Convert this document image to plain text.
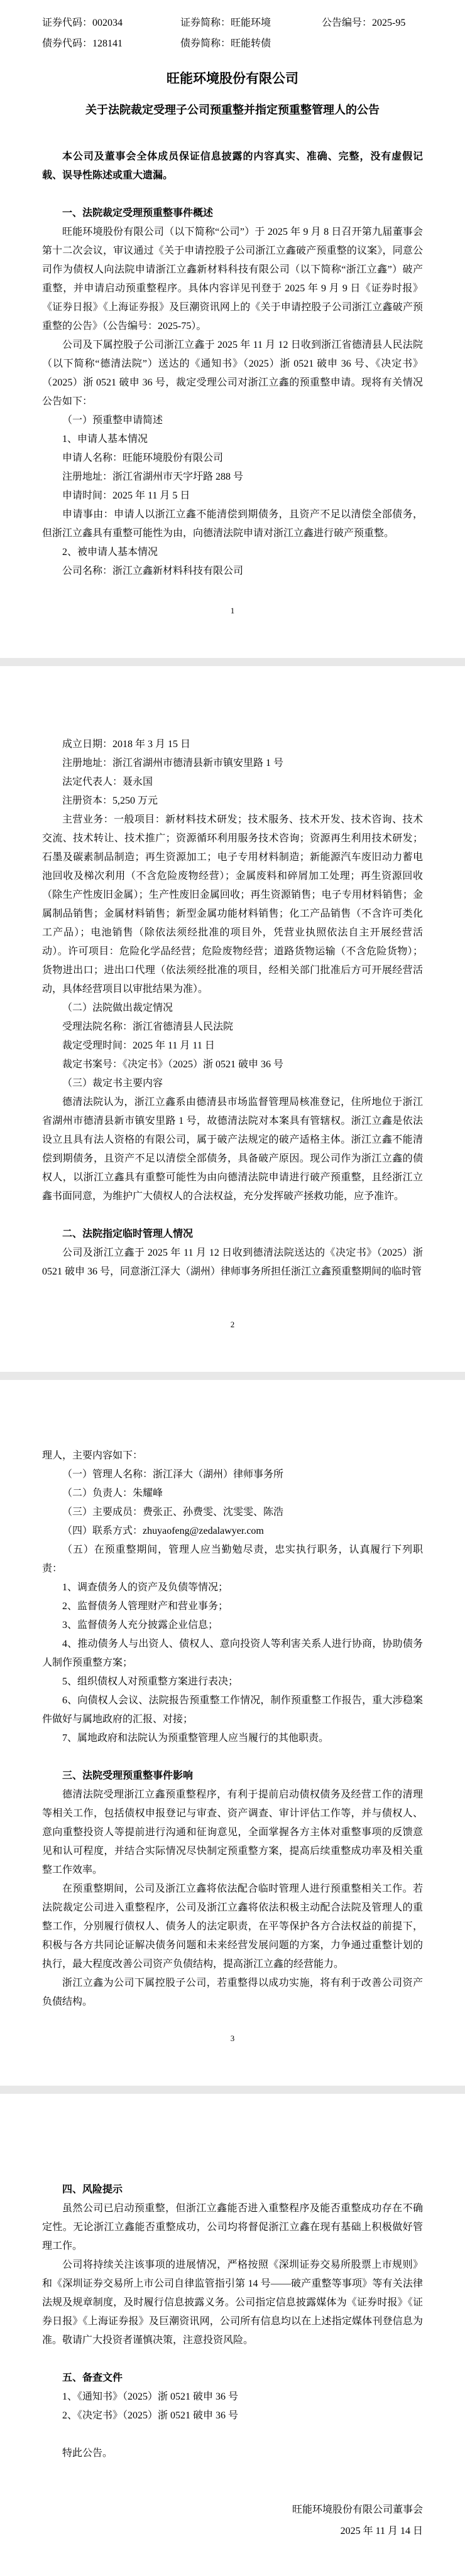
证券代码：002034	证券简称：旺能环境	公告编号：2025-95
债券代码：128141	债券简称：旺能转债
旺能环境股份有限公司
关于法院裁定受理子公司预重整并指定预重整管理人的公告

本公司及董事会全体成员保证信息披露的内容真实、准确、完整，没有虚假记载、误导性陈述或重大遗漏。

一、法院裁定受理预重整事件概述

旺能环境股份有限公司（以下简称“公司”）于 2025 年 9 月 8 日召开第九届董事会第十二次会议，审议通过《关于申请控股子公司浙江立鑫破产预重整的议案》，同意公司作为债权人向法院申请浙江立鑫新材料科技有限公司（以下简称“浙江立鑫”）破产重整，并申请启动预重整程序。具体内容详见刊登于 2025 年 9 月 9 日《证券时报》《证券日报》《上海证券报》及巨潮资讯网上的《关于申请控股子公司浙江立鑫破产预重整的公告》（公告编号：2025-75）。

公司及下属控股子公司浙江立鑫于 2025 年 11 月 12 日收到浙江省德清县人民法院（以下简称“德清法院”）送达的《通知书》（2025）浙 0521 破申 36 号、《决定书》（2025）浙 0521 破申 36 号，裁定受理公司对浙江立鑫的预重整申请。现将有关情况公告如下：

（一）预重整申请简述

1、申请人基本情况

申请人名称：旺能环境股份有限公司

注册地址：浙江省湖州市天字圩路 288 号

申请时间：2025 年 11 月 5 日

申请事由：申请人以浙江立鑫不能清偿到期债务，且资产不足以清偿全部债务，但浙江立鑫具有重整可能性为由，向德清法院申请对浙江立鑫进行破产预重整。

2、被申请人基本情况

公司名称：浙江立鑫新材料科技有限公司

1

成立日期：2018 年 3 月 15 日

注册地址：浙江省湖州市德清县新市镇安里路 1 号

法定代表人：聂永国

注册资本：5,250 万元

主营业务：一般项目：新材料技术研发；技术服务、技术开发、技术咨询、技术交流、技术转让、技术推广；资源循环利用服务技术咨询；资源再生利用技术研发；石墨及碳素制品制造；再生资源加工；电子专用材料制造；新能源汽车废旧动力蓄电池回收及梯次利用（不含危险废物经营）；金属废料和碎屑加工处理；再生资源回收（除生产性废旧金属）；生产性废旧金属回收；再生资源销售；电子专用材料销售；金属制品销售；金属材料销售；新型金属功能材料销售；化工产品销售（不含许可类化工产品）；电池销售（除依法须经批准的项目外，凭营业执照依法自主开展经营活动）。许可项目：危险化学品经营；危险废物经营；道路货物运输（不含危险货物）；货物进出口；进出口代理（依法须经批准的项目，经相关部门批准后方可开展经营活动，具体经营项目以审批结果为准）。

（二）法院做出裁定情况

受理法院名称：浙江省德清县人民法院

裁定受理时间：2025 年 11 月 11 日

裁定书案号：《决定书》（2025）浙 0521 破申 36 号

（三）裁定书主要内容

德清法院认为，浙江立鑫系由德清县市场监督管理局核准登记，住所地位于浙江省湖州市德清县新市镇安里路 1 号，故德清法院对本案具有管辖权。浙江立鑫是依法设立且具有法人资格的有限公司，属于破产法规定的破产适格主体。浙江立鑫不能清偿到期债务，且资产不足以清偿全部债务，具备破产原因。现公司作为浙江立鑫的债权人，以浙江立鑫具有重整可能性为由向德清法院申请进行破产预重整，且经浙江立鑫书面同意，为维护广大债权人的合法权益，充分发挥破产拯救功能，应予准许。

二、法院指定临时管理人情况

公司及浙江立鑫于 2025 年 11 月 12 日收到德清法院送达的《决定书》（2025）浙 0521 破申 36 号，同意浙江泽大（湖州）律师事务所担任浙江立鑫预重整期间的临时管

2

理人，主要内容如下：

（一）管理人名称：浙江泽大（湖州）律师事务所

（二）负责人：朱耀峰

（三）主要成员：费张正、孙费雯、沈雯雯、陈浩

（四）联系方式：zhuyaofeng@zedalawyer.com

（五）在预重整期间，管理人应当勤勉尽责，忠实执行职务，认真履行下列职责：

1、调查债务人的资产及负债等情况；

2、监督债务人管理财产和营业事务；

3、监督债务人充分披露企业信息；

4、推动债务人与出资人、债权人、意向投资人等利害关系人进行协商，协助债务人制作预重整方案；

5、组织债权人对预重整方案进行表决；

6、向债权人会议、法院报告预重整工作情况，制作预重整工作报告，重大涉稳案件做好与属地政府的汇报、对接；

7、属地政府和法院认为预重整管理人应当履行的其他职责。

三、法院受理预重整事件影响

德清法院受理浙江立鑫预重整程序，有利于提前启动债权债务及经营工作的清理等相关工作，包括债权申报登记与审查、资产调查、审计评估工作等，并与债权人、意向重整投资人等提前进行沟通和征询意见，全面掌握各方主体对重整事项的反馈意见和认可程度，并结合实际情况尽快制定预重整方案，提高后续重整成功率及相关重整工作效率。

在预重整期间，公司及浙江立鑫将依法配合临时管理人进行预重整相关工作。若法院裁定公司进入重整程序，公司及浙江立鑫将依法积极主动配合法院及管理人的重整工作，分别履行债权人、债务人的法定职责，在平等保护各方合法权益的前提下，积极与各方共同论证解决债务问题和未来经营发展问题的方案，力争通过重整计划的执行，最大程度改善公司资产负债结构，提高浙江立鑫的经营能力。

浙江立鑫为公司下属控股子公司，若重整得以成功实施，将有利于改善公司资产负债结构。

3

四、风险提示

虽然公司已启动预重整，但浙江立鑫能否进入重整程序及能否重整成功存在不确定性。无论浙江立鑫能否重整成功，公司均将督促浙江立鑫在现有基础上积极做好管理工作。

公司将持续关注该事项的进展情况，严格按照《深圳证券交易所股票上市规则》和《深圳证券交易所上市公司自律监管指引第 14 号——破产重整等事项》等有关法律法规及规章制度，及时履行信息披露义务。公司指定信息披露媒体为《证券时报》《证券日报》《上海证券报》及巨潮资讯网，公司所有信息均以在上述指定媒体刊登信息为准。敬请广大投资者谨慎决策，注意投资风险。

五、备查文件

1、《通知书》（2025）浙 0521 破申 36 号

2、《决定书》（2025）浙 0521 破申 36 号

特此公告。

旺能环境股份有限公司董事会

2025 年 11 月 14 日
